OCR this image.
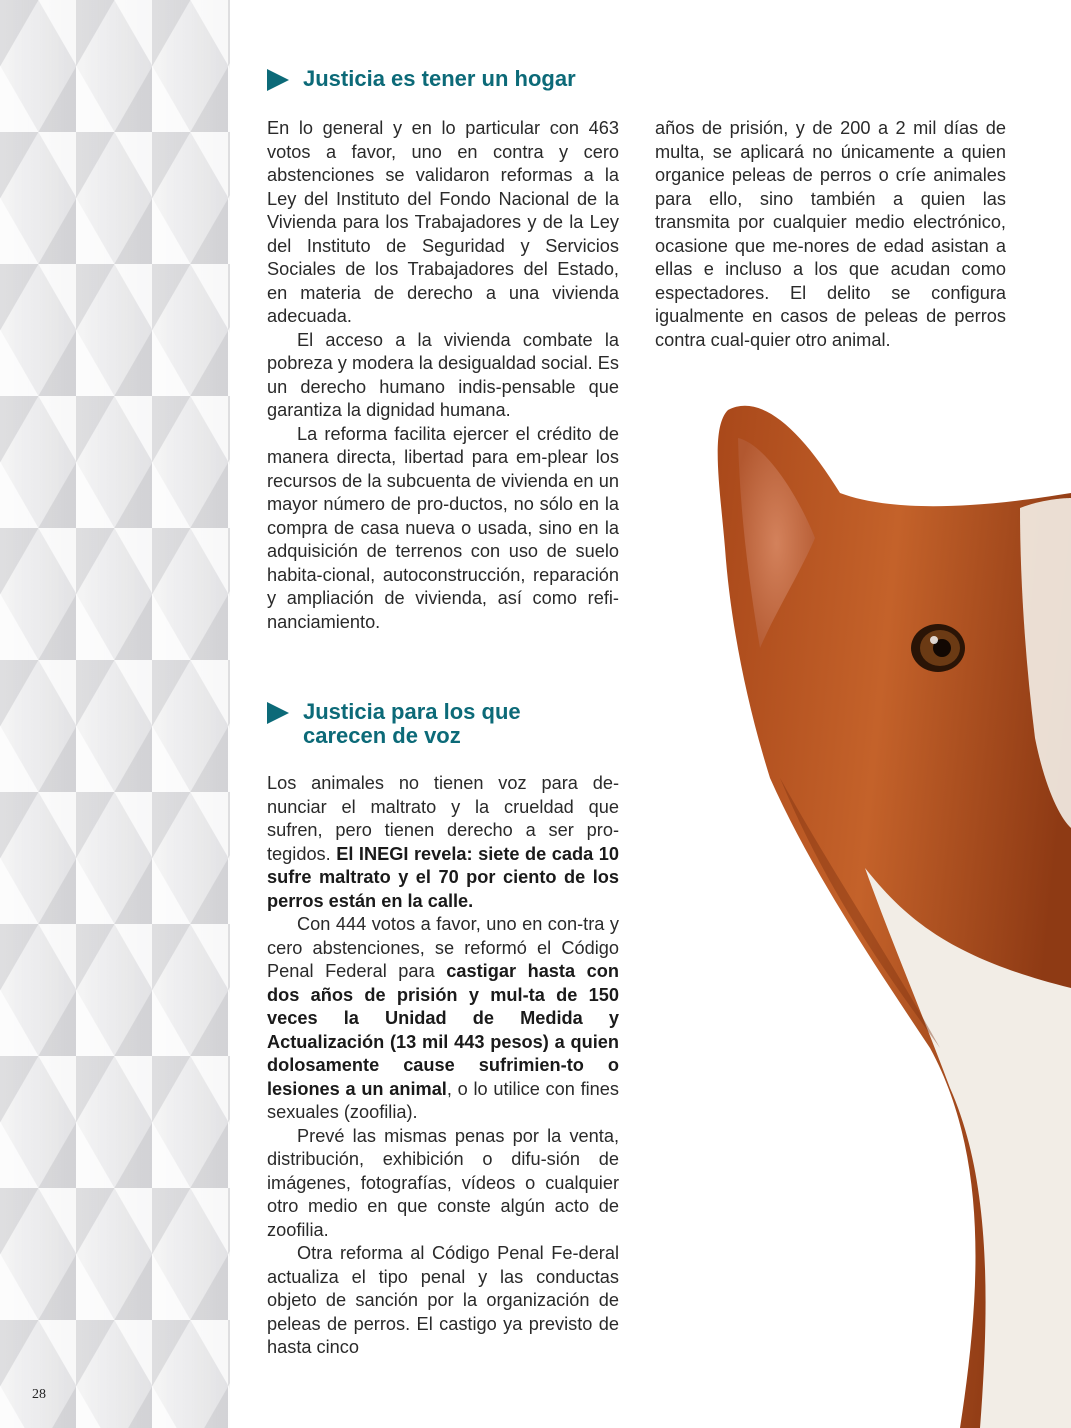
Justicia es tener un hogar

En lo general y en lo particular con 463 votos a favor, uno en contra y cero abstenciones se validaron reformas a la Ley del Instituto del Fondo Nacional de la Vivienda para los Trabajadores y de la Ley del Instituto de Seguridad y Servicios Sociales de los Trabajadores del Estado, en materia de derecho a una vivienda adecuada.

El acceso a la vivienda combate la pobreza y modera la desigualdad social. Es un derecho humano indis-pensable que garantiza la dignidad humana.

La reforma facilita ejercer el crédito de manera directa, libertad para em-plear los recursos de la subcuenta de vivienda en un mayor número de pro-ductos, no sólo en la compra de casa nueva o usada, sino en la adquisición de terrenos con uso de suelo habita-cional, autoconstrucción, reparación y ampliación de vivienda, así como refi-nanciamiento.

Justicia para los que carecen de voz

Los animales no tienen voz para de-nunciar el maltrato y la crueldad que sufren, pero tienen derecho a ser pro-tegidos. El INEGI revela: siete de cada 10 sufre maltrato y el 70 por ciento de los perros están en la calle.

Con 444 votos a favor, uno en con-tra y cero abstenciones, se reformó el Código Penal Federal para castigar hasta con dos años de prisión y mul-ta de 150 veces la Unidad de Medida y Actualización (13 mil 443 pesos) a quien dolosamente cause sufrimien-to o lesiones a un animal, o lo utilice con fines sexuales (zoofilia).

Prevé las mismas penas por la venta, distribución, exhibición o difu-sión de imágenes, fotografías, vídeos o cualquier otro medio en que conste algún acto de zoofilia.

Otra reforma al Código Penal Fe-deral actualiza el tipo penal y las conductas objeto de sanción por la organización de peleas de perros. El castigo ya previsto de hasta cinco

años de prisión, y de 200 a 2 mil días de multa, se aplicará no únicamente a quien organice peleas de perros o críe animales para ello, sino también a quien las transmita por cualquier medio electrónico, ocasione que me-nores de edad asistan a ellas e incluso a los que acudan como espectadores. El delito se configura igualmente en casos de peleas de perros contra cual-quier otro animal.

28
